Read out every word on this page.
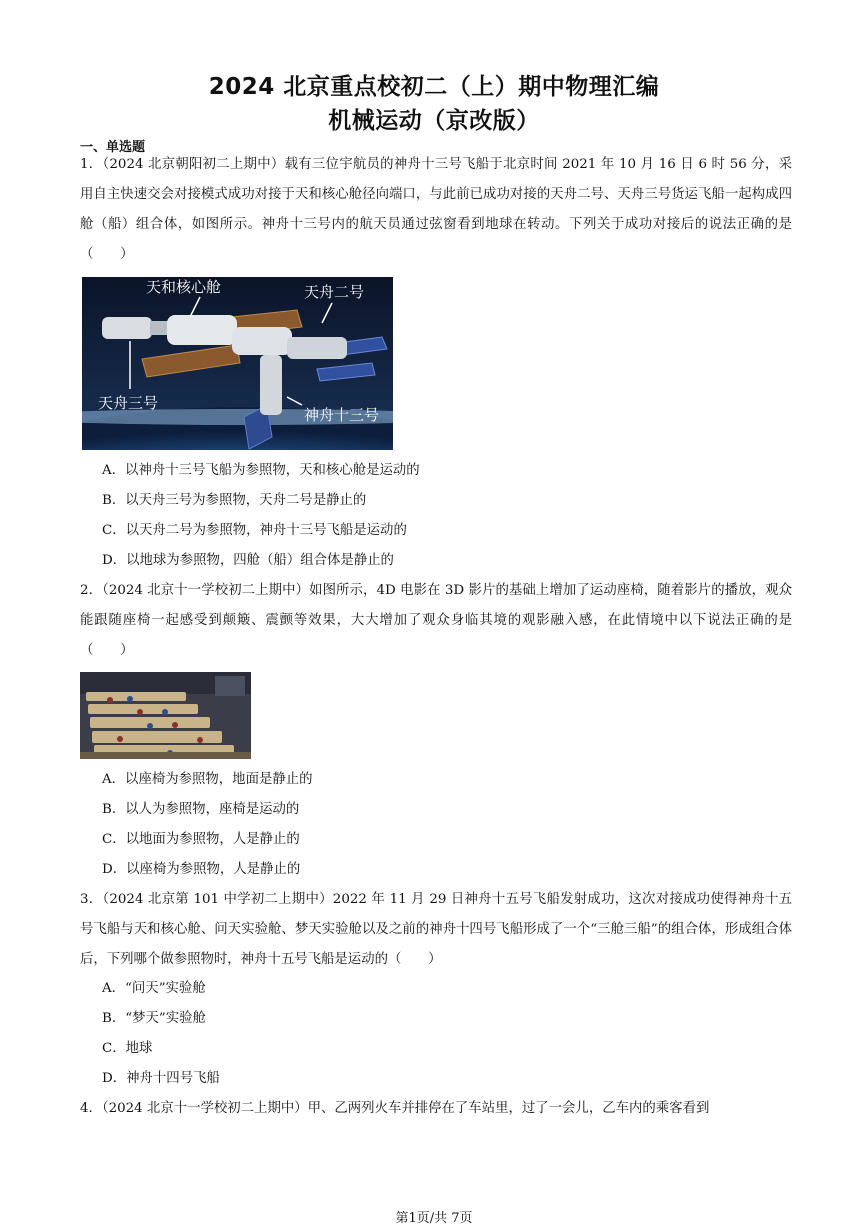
2024 北京重点校初二（上）期中物理汇编
机械运动（京改版）
一、单选题
1．（2024 北京朝阳初二上期中）载有三位宇航员的神舟十三号飞船于北京时间 2021 年 10 月 16 日 6 时 56 分，采用自主快速交会对接模式成功对接于天和核心舱径向端口，与此前已成功对接的天舟二号、天舟三号货运飞船一起构成四舱（船）组合体，如图所示。神舟十三号内的航天员通过弦窗看到地球在转动。下列关于成功对接后的说法正确的是（　　）
天和核心舱	天舟二号
天舟三号
神舟十三号
A．以神舟十三号飞船为参照物，天和核心舱是运动的
B．以天舟三号为参照物，天舟二号是静止的
C．以天舟二号为参照物，神舟十三号飞船是运动的
D．以地球为参照物，四舱（船）组合体是静止的
2．（2024 北京十一学校初二上期中）如图所示，4D 电影在 3D 影片的基础上增加了运动座椅，随着影片的播放，观众能跟随座椅一起感受到颠簸、震颤等效果，大大增加了观众身临其境的观影融入感，在此情境中以下说法正确的是（　　）
A．以座椅为参照物，地面是静止的
B．以人为参照物，座椅是运动的
C．以地面为参照物，人是静止的
D．以座椅为参照物，人是静止的
3．（2024 北京第 101 中学初二上期中）2022 年 11 月 29 日神舟十五号飞船发射成功，这次对接成功使得神舟十五号飞船与天和核心舱、问天实验舱、梦天实验舱以及之前的神舟十四号飞船形成了一个“三舱三船”的组合体，形成组合体后，下列哪个做参照物时，神舟十五号飞船是运动的（　　）
A．“问天”实验舱
B．“梦天”实验舱
C．地球
D．神舟十四号飞船
4．（2024 北京十一学校初二上期中）甲、乙两列火车并排停在了车站里，过了一会儿，乙车内的乘客看到
第1页/共 7页
